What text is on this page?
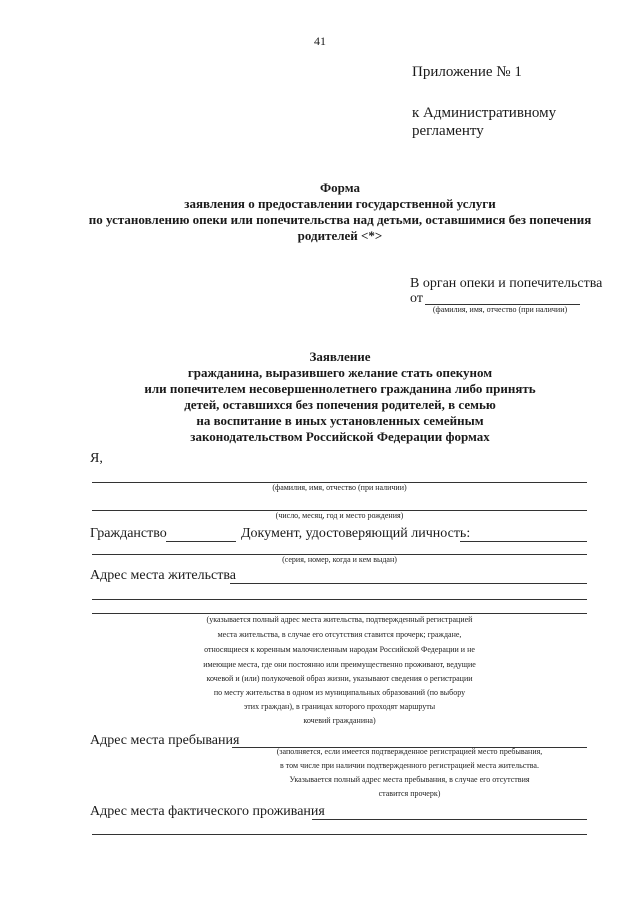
41
Приложение № 1
к Административному
регламенту
Форма
заявления о предоставлении государственной услуги
по установлению опеки или попечительства над детьми, оставшимися без попечения
родителей <*>
В орган опеки и попечительства
от
(фамилия, имя, отчество (при наличии)
Заявление
гражданина, выразившего желание стать опекуном
или попечителем несовершеннолетнего гражданина либо принять
детей, оставшихся без попечения родителей, в семью
на воспитание в иных установленных семейным
законодательством Российской Федерации формах
Я,
(фамилия, имя, отчество (при наличии)
(число, месяц, год и место рождения)
Гражданство	Документ, удостоверяющий личность:
(серия, номер, когда и кем выдан)
Адрес места жительства
(указывается полный адрес места жительства, подтвержденный регистрацией
места жительства, в случае его отсутствия ставится прочерк; граждане,
относящиеся к коренным малочисленным народам Российской Федерации и не
имеющие места, где они постоянно или преимущественно проживают, ведущие
кочевой и (или) полукочевой образ жизни, указывают сведения о регистрации
по месту жительства в одном из муниципальных образований (по выбору
этих граждан), в границах которого проходят маршруты
кочевий гражданина)
Адрес места пребывания
(заполняется, если имеется подтвержденное регистрацией место пребывания,
в том числе при наличии подтвержденного регистрацией места жительства.
Указывается полный адрес места пребывания, в случае его отсутствия
ставится прочерк)
Адрес места фактического проживания
